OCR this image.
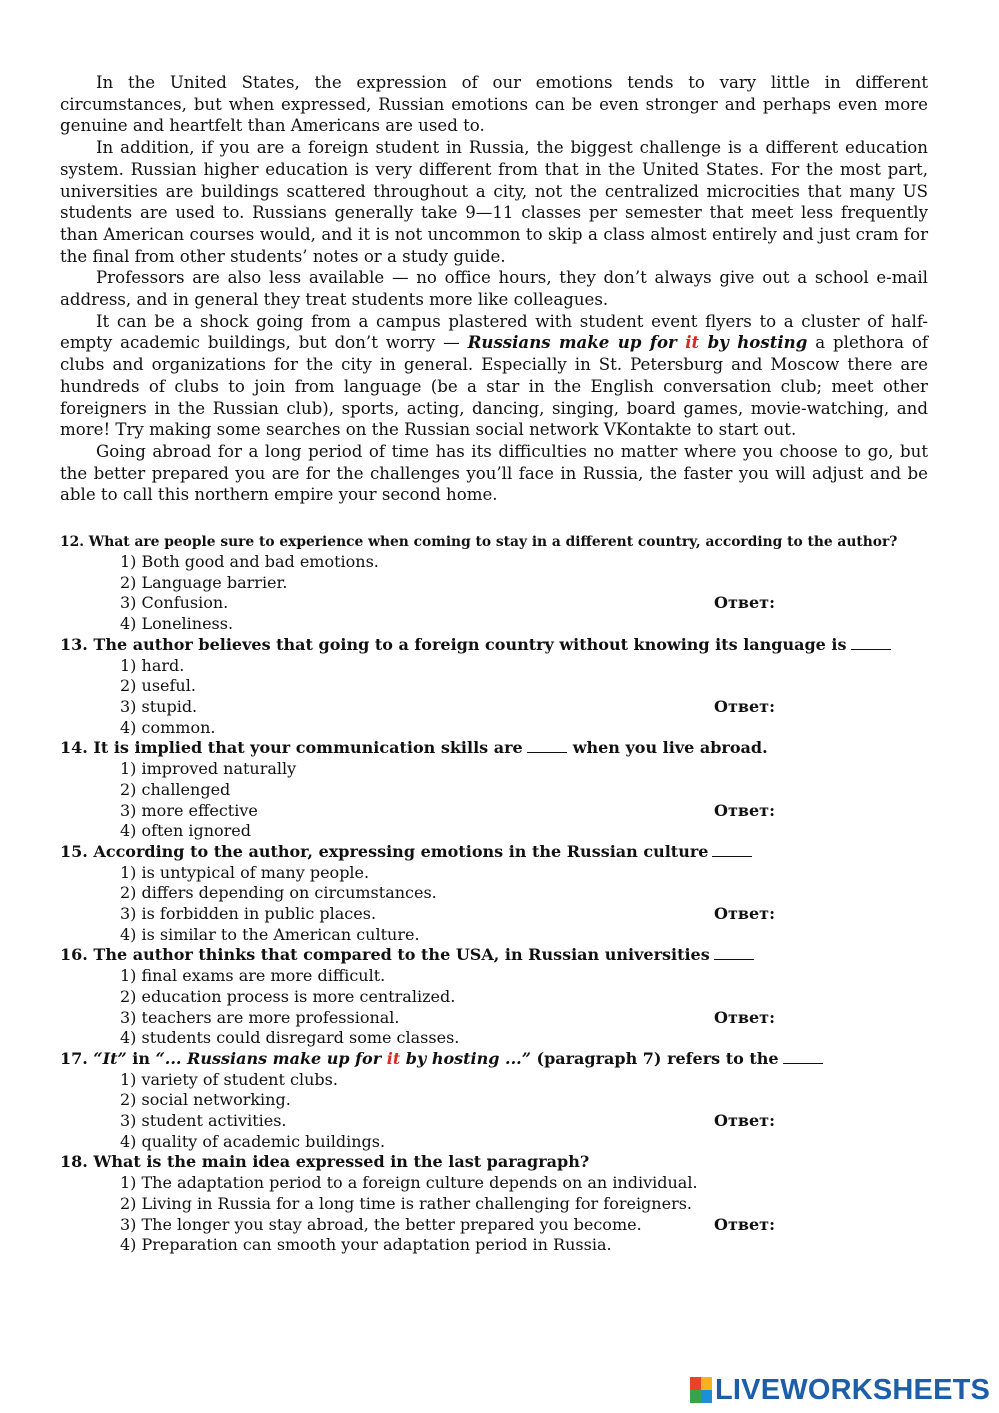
In the United States, the expression of our emotions tends to vary little in different circumstances, but when expressed, Russian emotions can be even stronger and perhaps even more genuine and heartfelt than Americans are used to.

In addition, if you are a foreign student in Russia, the biggest challenge is a different education system. Russian higher education is very different from that in the United States. For the most part, universities are buildings scattered throughout a city, not the centralized microcities that many US students are used to. Russians generally take 9—11 classes per semester that meet less frequently than American courses would, and it is not uncommon to skip a class almost entirely and just cram for the final from other students’ notes or a study guide.

Professors are also less available — no office hours, they don’t always give out a school e-mail address, and in general they treat students more like colleagues.

It can be a shock going from a campus plastered with student event flyers to a cluster of half-empty academic buildings, but don’t worry — Russians make up for it by hosting a plethora of clubs and organizations for the city in general. Especially in St. Petersburg and Moscow there are hundreds of clubs to join from language (be a star in the English conversation club; meet other foreigners in the Russian club), sports, acting, dancing, singing, board games, movie-watching, and more! Try making some searches on the Russian social network VKontakte to start out.

Going abroad for a long period of time has its difficulties no matter where you choose to go, but the better prepared you are for the challenges you’ll face in Russia, the faster you will adjust and be able to call this northern empire your second home.

12. What are people sure to experience when coming to stay in a different country, according to the author?

1) Both good and bad emotions.

2) Language barrier.

3) Confusion.	Ответ:

4) Loneliness.

13. The author believes that going to a foreign country without knowing its language is

1) hard.

2) useful.

3) stupid.	Ответ:

4) common.

14. It is implied that your communication skills are	when you live abroad.

1) improved naturally

2) challenged

3) more effective	Ответ:

4) often ignored

15. According to the author, expressing emotions in the Russian culture

1) is untypical of many people.

2) differs depending on circumstances.

3) is forbidden in public places.	Ответ:

4) is similar to the American culture.

16. The author thinks that compared to the USA, in Russian universities

1) final exams are more difficult.

2) education process is more centralized.

3) teachers are more professional.	Ответ:

4) students could disregard some classes.

17. “It” in “... Russians make up for it by hosting ...” (paragraph 7) refers to the

1) variety of student clubs.

2) social networking.

3) student activities.	Ответ:

4) quality of academic buildings.

18. What is the main idea expressed in the last paragraph?

1) The adaptation period to a foreign culture depends on an individual.

2) Living in Russia for a long time is rather challenging for foreigners.

3) The longer you stay abroad, the better prepared you become.	Ответ:

4) Preparation can smooth your adaptation period in Russia.

LIVEWORKSHEETS
